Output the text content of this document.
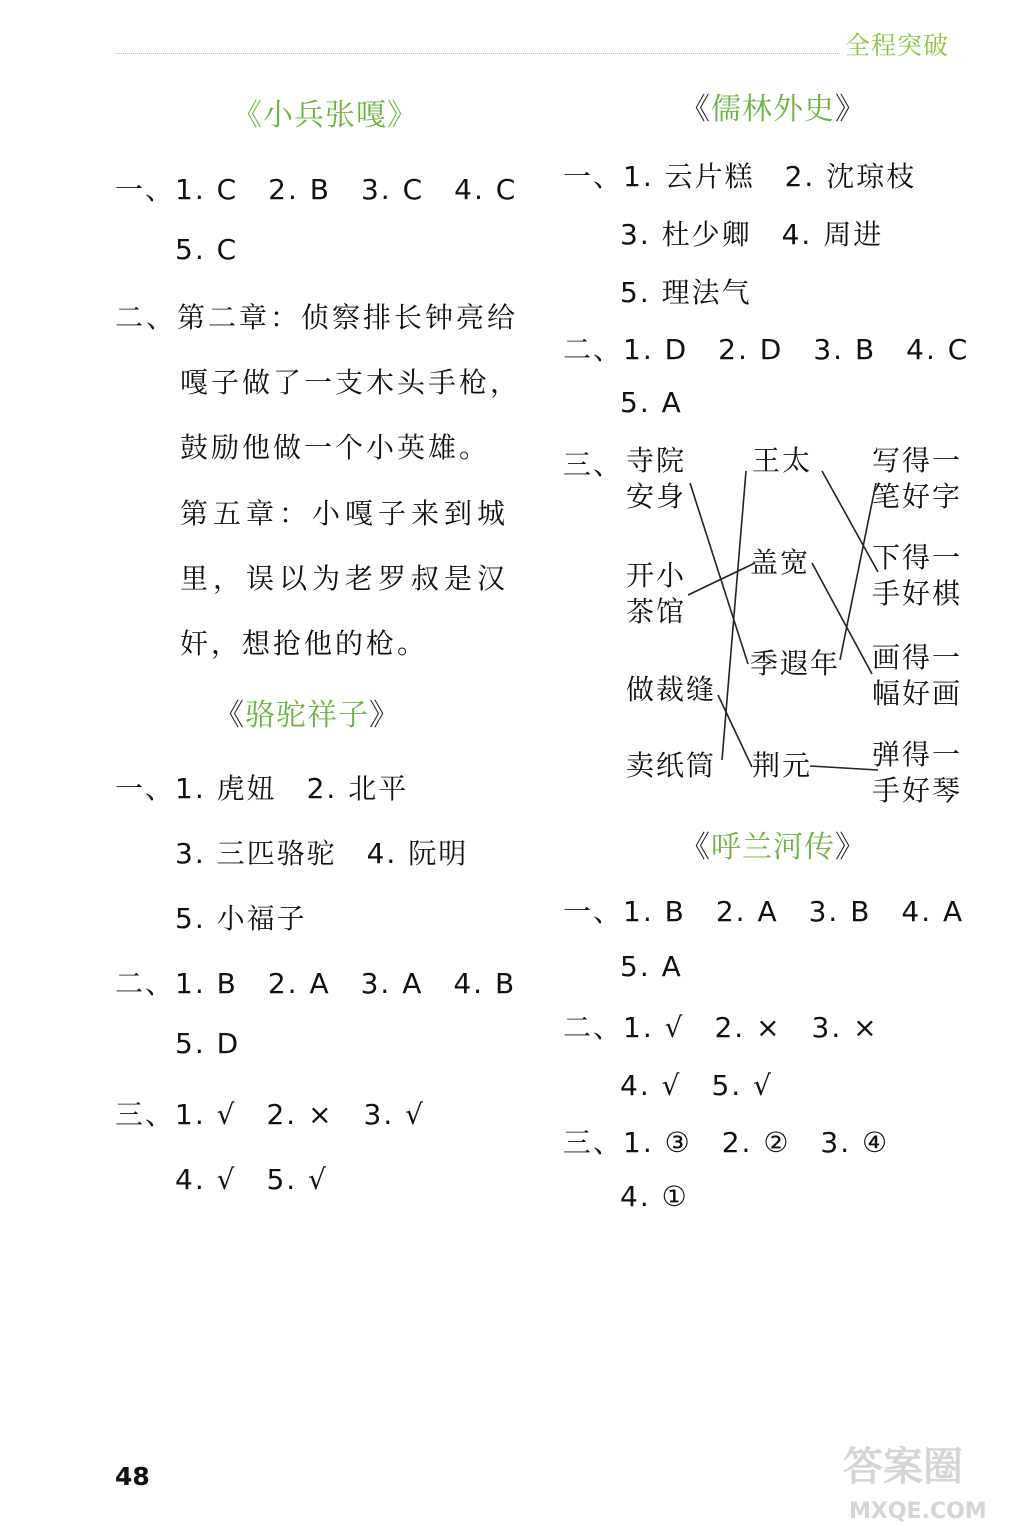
全程突破
《小兵张嘎》
一、1. C　2. B　3. C　4. C
5. C
二、第二章：侦察排长钟亮给
嘎子做了一支木头手枪，
鼓励他做一个小英雄。
第五章：小嘎子来到城
里，误以为老罗叔是汉
奸，想抢他的枪。
《骆驼祥子》
一、1. 虎妞　2. 北平
3. 三匹骆驼　4. 阮明
5. 小福子
二、1. B　2. A　3. A　4. B
5. D
三、1. √　2. ×　3. √
4. √　5. √
《儒林外史》
一、1. 云片糕　2. 沈琼枝
3. 杜少卿　4. 周进
5. 理法气
二、1. D　2. D　3. B　4. C
5. A
三、 寺院
安身
开小
茶馆
做裁缝
卖纸筒
王太
盖宽
季遐年
荆元
写得一
笔好字
下得一
手好棋
画得一
幅好画
弹得一
手好琴
《呼兰河传》
一、1. B　2. A　3. B　4. A
5. A
二、1. √　2. ×　3. ×
4. √　5. √
三、1. ③　2. ②　3. ④
4. ①
48	答案圈
MXQE.COM
